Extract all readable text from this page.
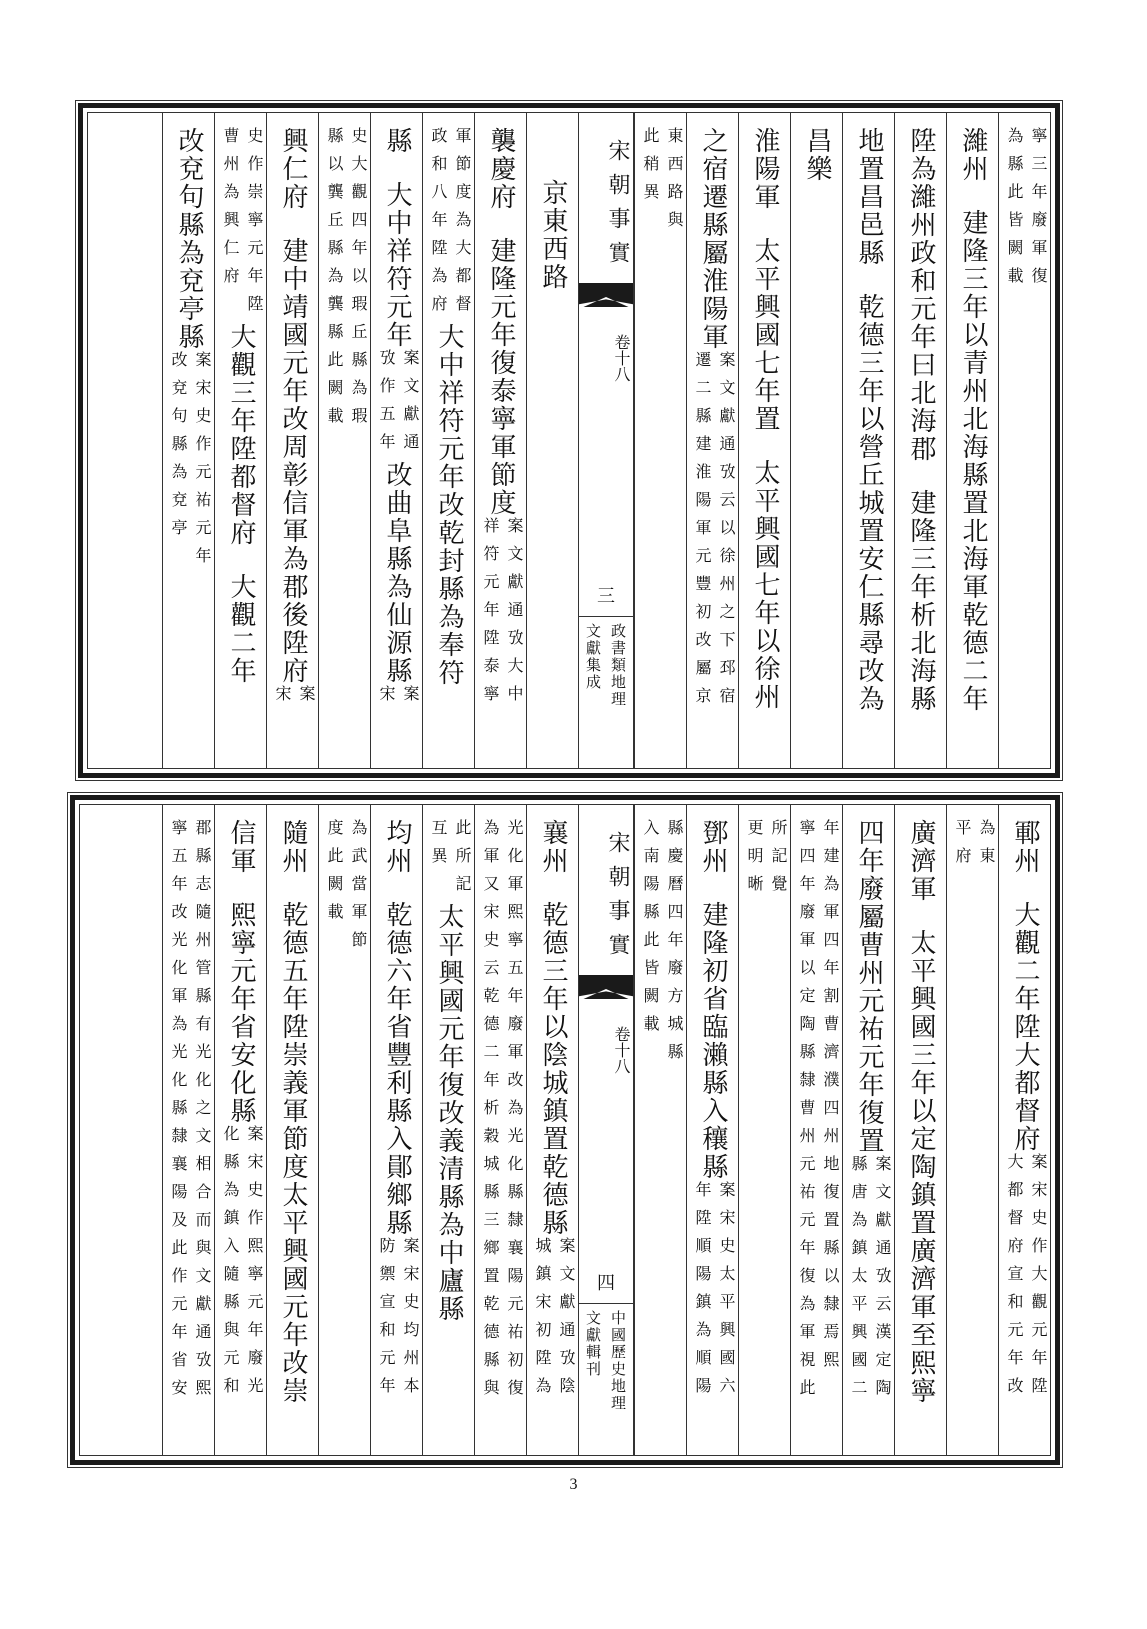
寧三年廢軍復
為縣此皆闕載
濰州建隆三年以青州北海縣置北海軍乾德二年
陞為濰州政和元年曰北海郡建隆三年析北海縣
地置昌邑縣乾德三年以營丘城置安仁縣尋改為
昌樂
淮陽軍太平興國七年置太平興國七年以徐州
之宿遷縣屬淮陽軍
案文獻通攷云以徐州之下邳宿
遷二縣建淮陽軍元豐初改屬京
東西路與
此稍異
宋朝事實
卷十八
三
政書類地理
文獻集成
京東西路
襲慶府建隆元年復泰寧軍節度
案文獻通攷大中
祥符元年陞泰寧
軍節度為大都督
政和八年陞為府
大中祥符元年改乾封縣為奉符
縣大中祥符元年
案文獻通
攷作五年
改曲阜縣為仙源縣
案
宋
史大觀四年以瑕丘縣為瑕
縣以龔丘縣為龔縣此闕載
興仁府建中靖國元年改周彰信軍為郡後陞府
案
宋
史作崇寧元年陞
曹州為興仁府
大觀三年陞都督府大觀二年
改兗句縣為兗亭縣
案宋史作元祐元年
改兗句縣為兗亭
鄆州大觀二年陞大都督府
案宋史作大觀元年陞
大都督府宣和元年改
為東
平府
廣濟軍太平興國三年以定陶鎮置廣濟軍至熙寧
四年廢屬曹州元祐元年復置
案文獻通攷云漢定陶
縣唐為鎮太平興國二
年建為軍四年割曹濟濮四州地復置縣以隸焉熙
寧四年廢軍以定陶縣隸曹州元祐元年復為軍視此
所記覺
更明晰
鄧州建隆初省臨瀨縣入穰縣
案宋史太平興國六
年陞順陽鎮為順陽
縣慶曆四年廢方城縣
入南陽縣此皆闕載
宋朝事實
卷十八
四
中國歷史地理
文獻輯刊
襄州乾德三年以陰城鎮置乾德縣
案文獻通攷陰
城鎮宋初陞為
光化軍熙寧五年廢軍改為光化縣隸襄陽元祐初復
為軍又宋史云乾德二年析穀城縣三鄉置乾德縣與
此所記
互異
太平興國元年復改義清縣為中廬縣
均州乾德六年省豐利縣入鄖鄉縣
案宋史均州本
防禦宣和元年
為武當軍節
度此闕載
隨州乾德五年陞崇義軍節度太平興國元年改崇
信軍熙寧元年省安化縣
案宋史作熙寧元年廢光
化縣為鎮入隨縣與元和
郡縣志隨州管縣有光化之文相合而與文獻通攷熙
寧五年改光化軍為光化縣隸襄陽及此作元年省安
3
